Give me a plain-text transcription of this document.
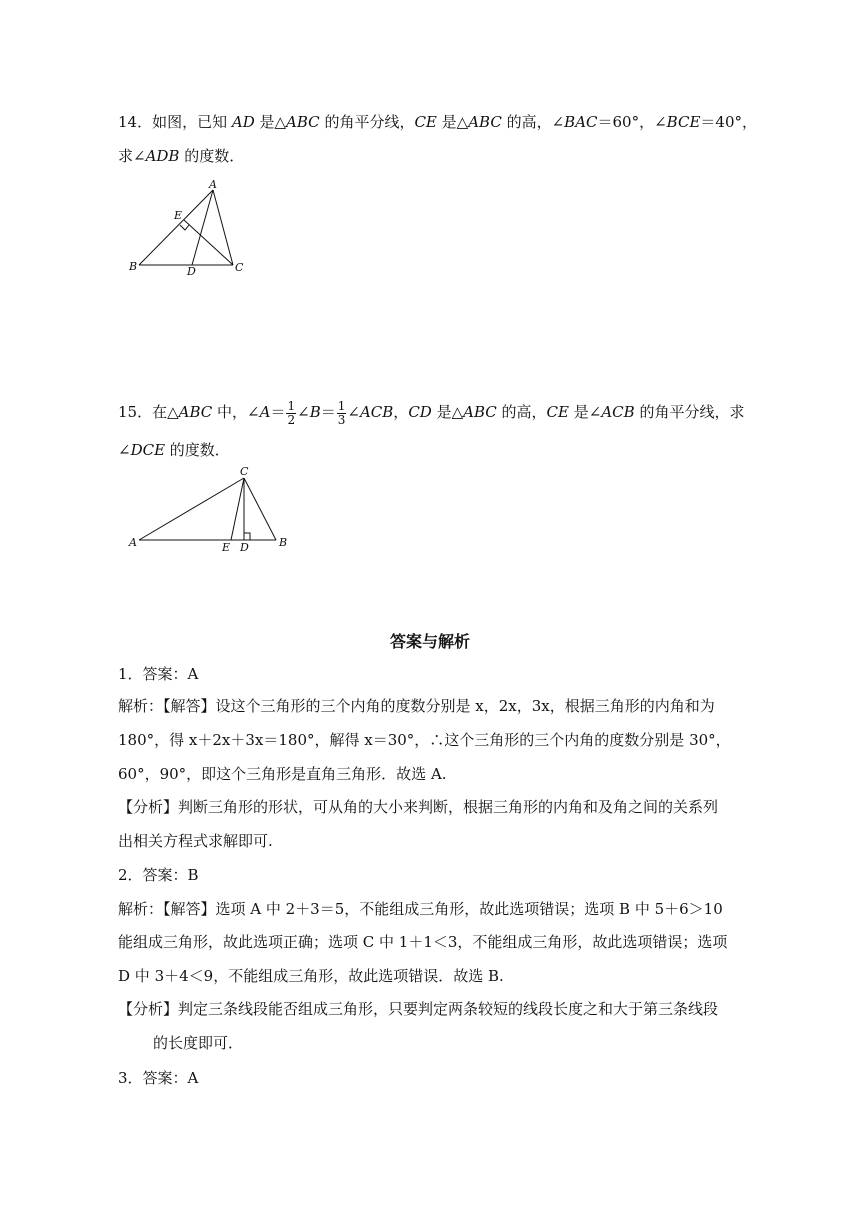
14．如图，已知 AD 是△ABC 的角平分线，CE 是△ABC 的高，∠BAC＝60°，∠BCE＝40°，
求∠ADB 的度数．
A
E
B	D	C
15．在△ABC 中，∠A＝ $\frac{1}{2}$ ∠B＝ $\frac{1}{3}$ ∠ACB，CD 是△ABC 的高，CE 是∠ACB 的角平分线，求
∠DCE 的度数．
C
A	E D	B
答案与解析
1．答案：A
解析：【解答】设这个三角形的三个内角的度数分别是 x，2x，3x，根据三角形的内角和为
180°，得 x＋2x＋3x＝180°，解得 x＝30°，∴这个三角形的三个内角的度数分别是 30°，
60°，90°，即这个三角形是直角三角形．故选 A.
【分析】判断三角形的形状，可从角的大小来判断，根据三角形的内角和及角之间的关系列
出相关方程式求解即可.
2．答案：B
解析：【解答】选项 A 中 2＋3＝5，不能组成三角形，故此选项错误；选项 B 中 5＋6＞10
能组成三角形，故此选项正确；选项 C 中 1＋1＜3，不能组成三角形，故此选项错误；选项
D 中 3＋4＜9，不能组成三角形，故此选项错误．故选 B.
【分析】判定三条线段能否组成三角形，只要判定两条较短的线段长度之和大于第三条线段
的长度即可．
3．答案：A
